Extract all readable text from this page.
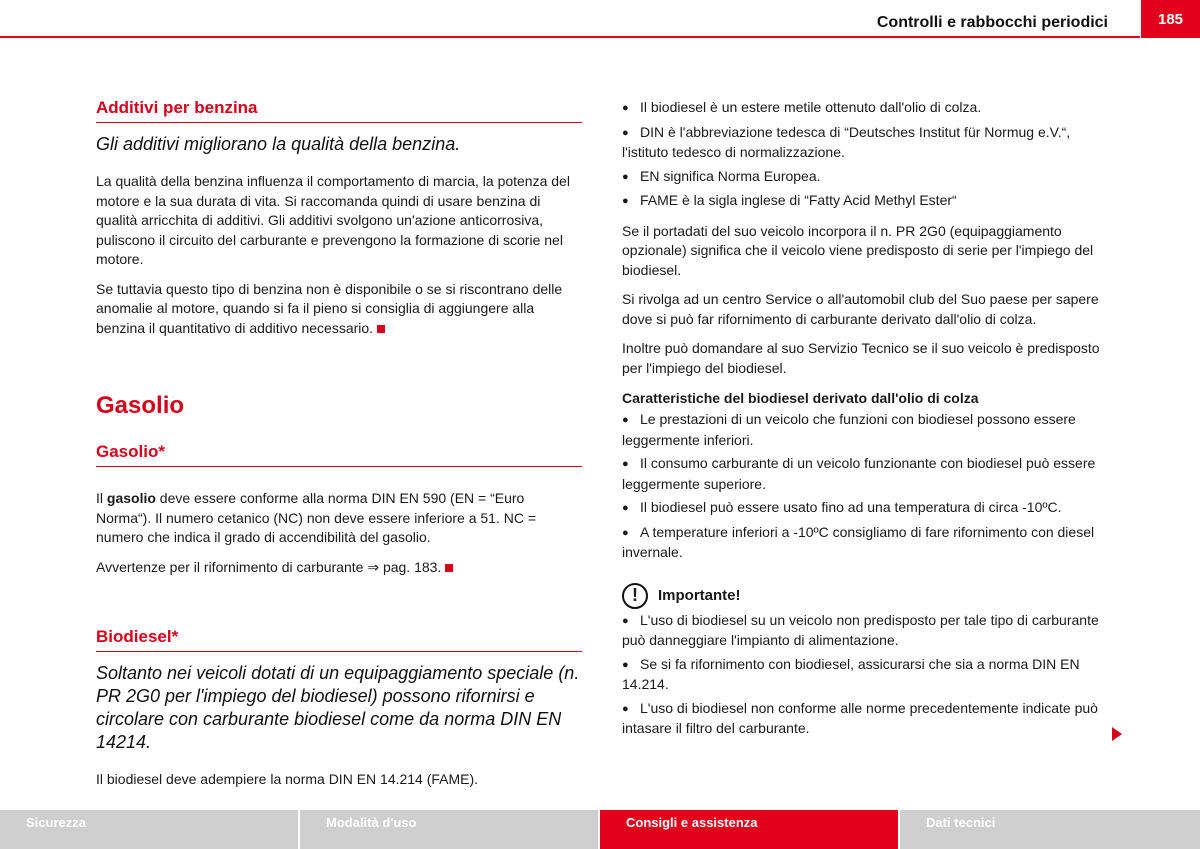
Controlli e rabbocchi periodici	185
Additivi per benzina
Gli additivi migliorano la qualità della benzina.

La qualità della benzina influenza il comportamento di marcia, la potenza del motore e la sua durata di vita. Si raccomanda quindi di usare benzina di qualità arricchita di additivi. Gli additivi svolgono un'azione anticorrosiva, puliscono il circuito del carburante e prevengono la formazione di scorie nel motore.

Se tuttavia questo tipo di benzina non è disponibile o se si riscontrano delle anomalie al motore, quando si fa il pieno si consiglia di aggiungere alla benzina il quantitativo di additivo necessario.

Gasolio
Gasolio*

Il gasolio deve essere conforme alla norma DIN EN 590 (EN = “Euro Norma“). Il numero cetanico (NC) non deve essere inferiore a 51. NC = numero che indica il grado di accendibilità del gasolio.

Avvertenze per il rifornimento di carburante ⇒ pag. 183.

Biodiesel*
Soltanto nei veicoli dotati di un equipaggiamento speciale (n. PR 2G0 per l'impiego del biodiesel) possono rifornirsi e circolare con carburante biodiesel come da norma DIN EN 14214.

Il biodiesel deve adempiere la norma DIN EN 14.214 (FAME).

● Il biodiesel è un estere metile ottenuto dall'olio di colza.

● DIN è l'abbreviazione tedesca di “Deutsches Institut für Normug e.V.“, l'istituto tedesco di normalizzazione.

● EN significa Norma Europea.

● FAME è la sigla inglese di “Fatty Acid Methyl Ester“

Se il portadati del suo veicolo incorpora il n. PR 2G0 (equipaggiamento opzionale) significa che il veicolo viene predisposto di serie per l'impiego del biodiesel.

Si rivolga ad un centro Service o all'automobil club del Suo paese per sapere dove si può far rifornimento di carburante derivato dall'olio di colza.

Inoltre può domandare al suo Servizio Tecnico se il suo veicolo è predisposto per l'impiego del biodiesel.

Caratteristiche del biodiesel derivato dall'olio di colza

● Le prestazioni di un veicolo che funzioni con biodiesel possono essere leggermente inferiori.

● Il consumo carburante di un veicolo funzionante con biodiesel può essere leggermente superiore.

● Il biodiesel può essere usato fino ad una temperatura di circa -10ºC.

● A temperature inferiori a -10ºC consigliamo di fare rifornimento con diesel invernale.

!	Importante!

● L'uso di biodiesel su un veicolo non predisposto per tale tipo di carburante può danneggiare l'impianto di alimentazione.

● Se si fa rifornimento con biodiesel, assicurarsi che sia a norma DIN EN 14.214.

● L'uso di biodiesel non conforme alle norme precedentemente indicate può intasare il filtro del carburante.

Sicurezza	Modalità d'uso	Consigli e assistenza	Dati tecnici
